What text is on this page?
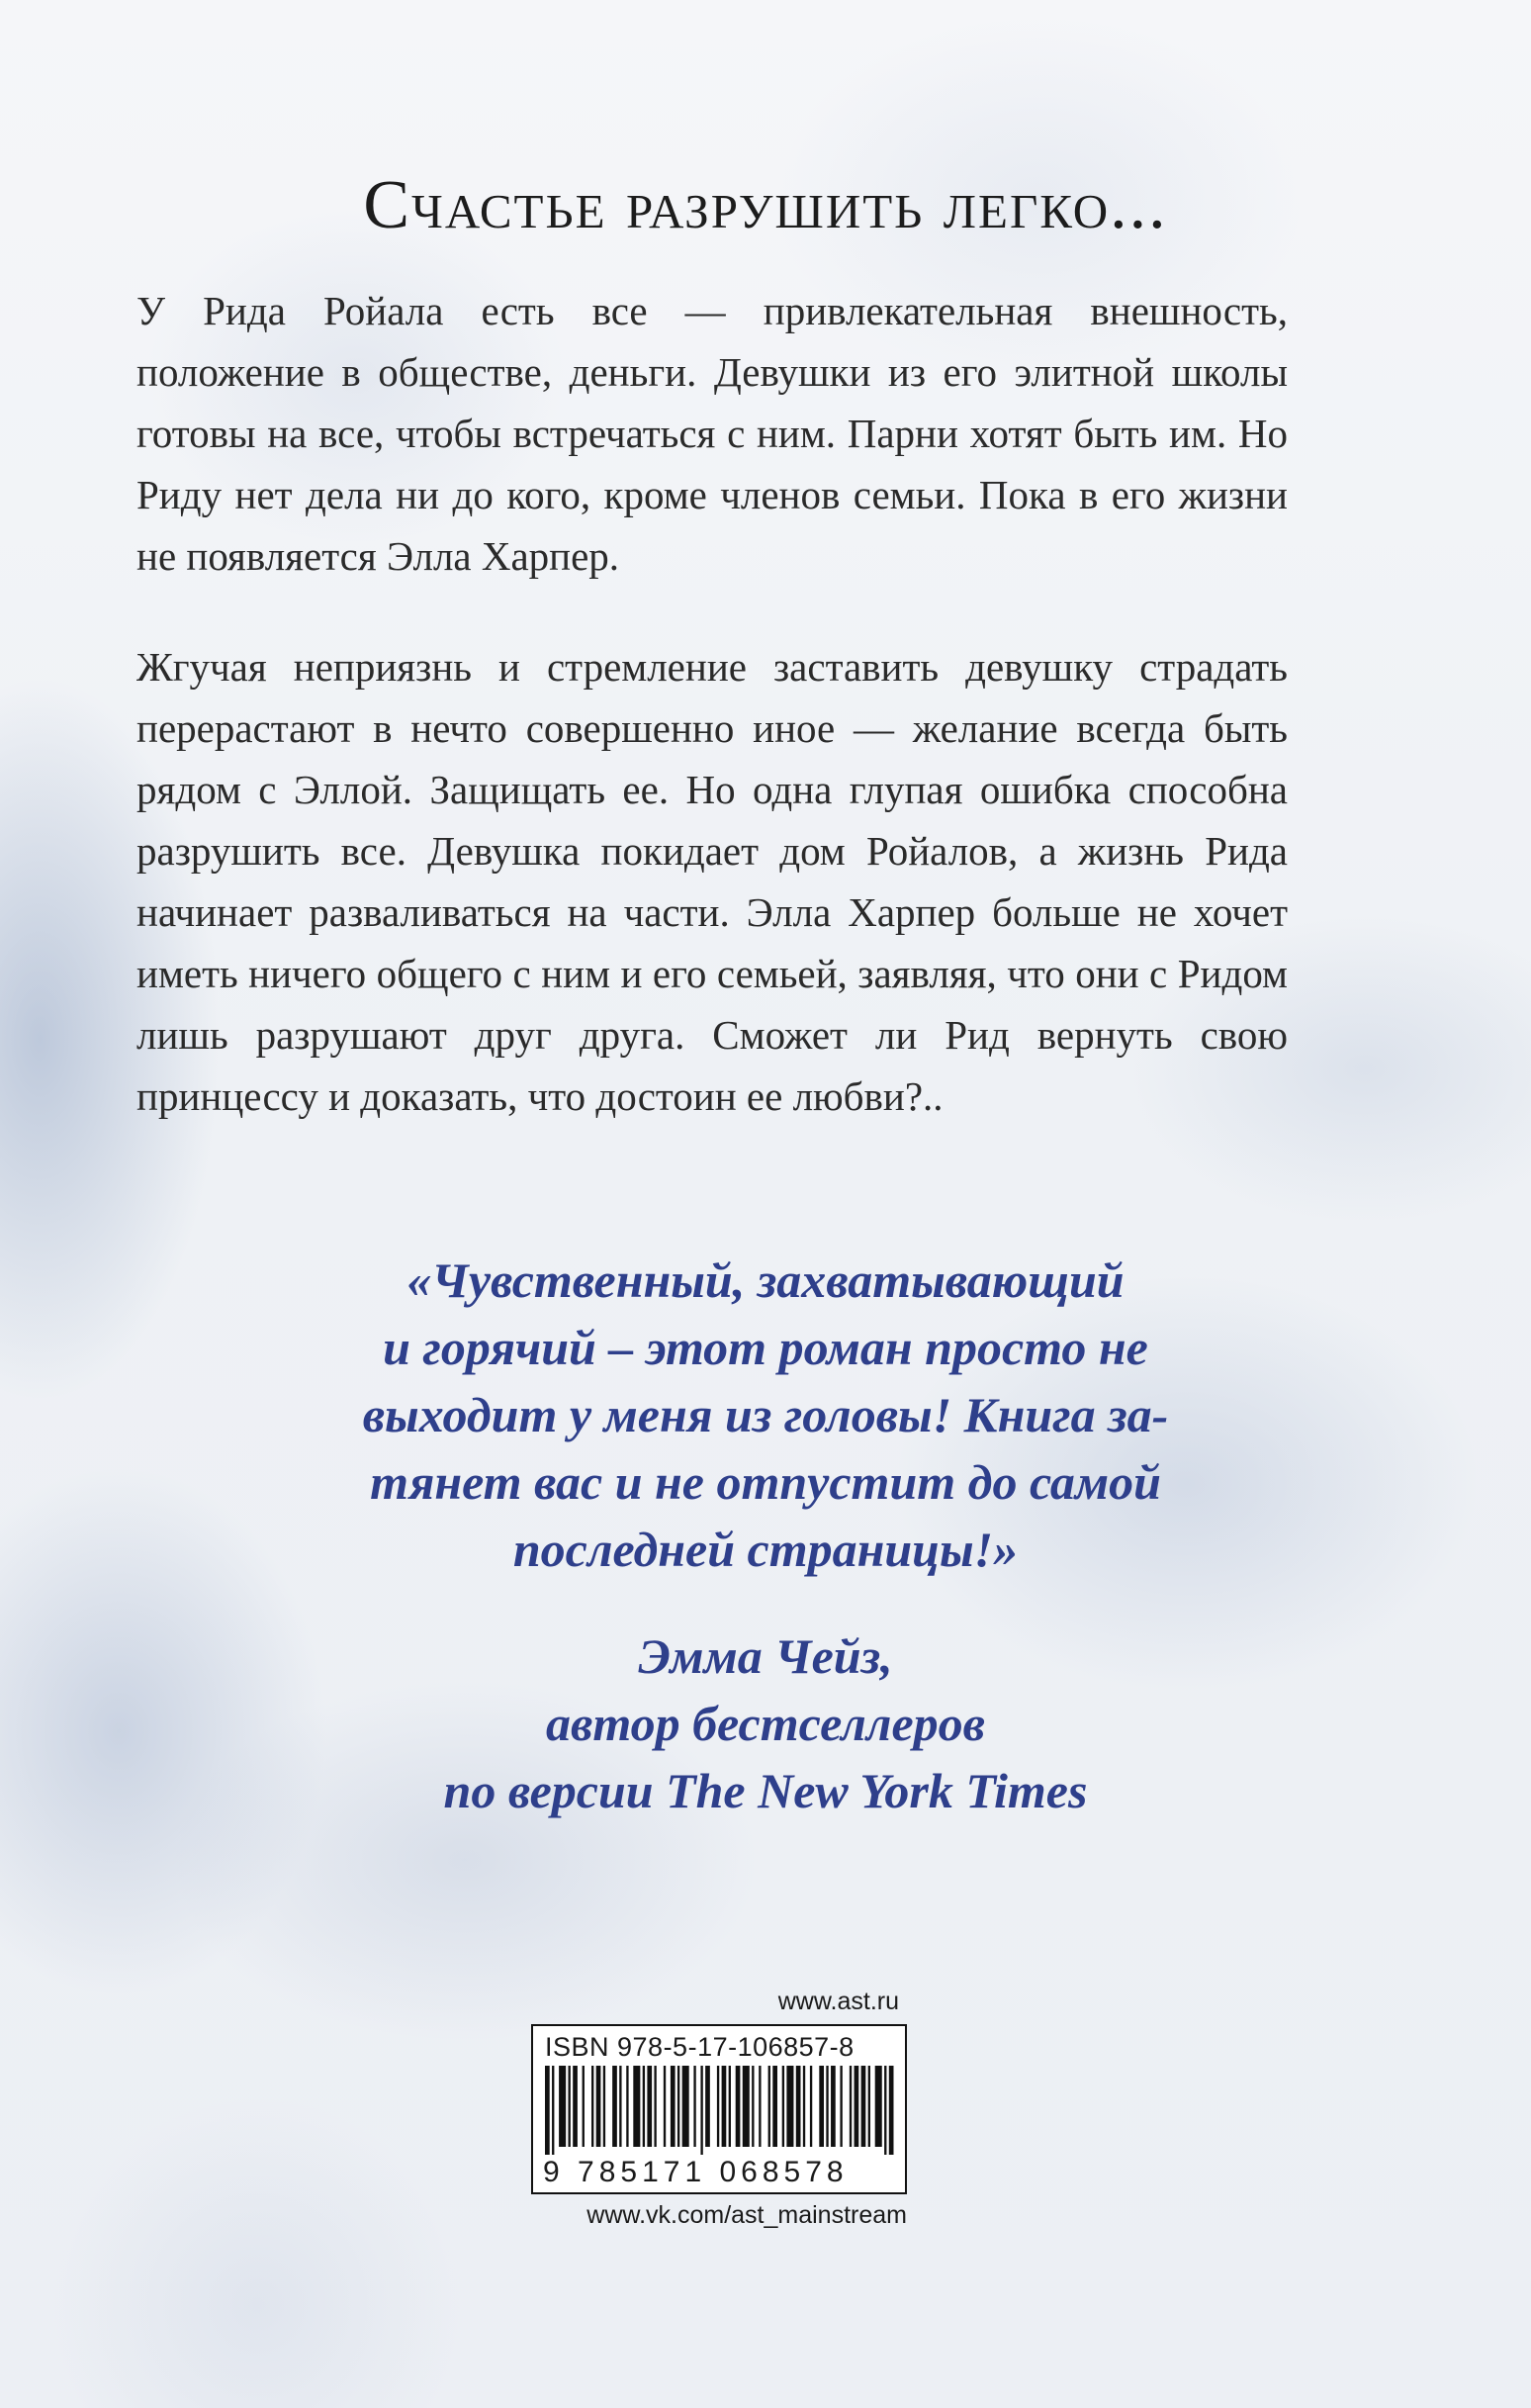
Счастье разрушить легко...

У Рида Ройала есть все — привлекательная внешность, положение в обществе, деньги. Девушки из его элитной школы готовы на все, чтобы встречаться с ним. Парни хотят быть им. Но Риду нет дела ни до кого, кроме членов семьи. Пока в его жизни не появляется Элла Харпер.

Жгучая неприязнь и стремление заставить девушку страдать перерастают в нечто совершенно иное — желание всегда быть рядом с Эллой. Защищать ее. Но одна глупая ошибка способна разрушить все. Девушка покидает дом Ройалов, а жизнь Рида начинает разваливаться на части. Элла Харпер больше не хочет иметь ничего общего с ним и его семьей, заявляя, что они с Ридом лишь разрушают друг друга. Сможет ли Рид вернуть свою принцессу и доказать, что достоин ее любви?..

«Чувственный, захватывающий
и горячий – этот роман просто не
выходит у меня из головы! Книга за-
тянет вас и не отпустит до самой
последней страницы!»
Эмма Чейз,
автор бестселлеров
по версии The New York Times
www.ast.ru
ISBN 978-5-17-106857-8
9 785171 068578
www.vk.com/ast_mainstream
